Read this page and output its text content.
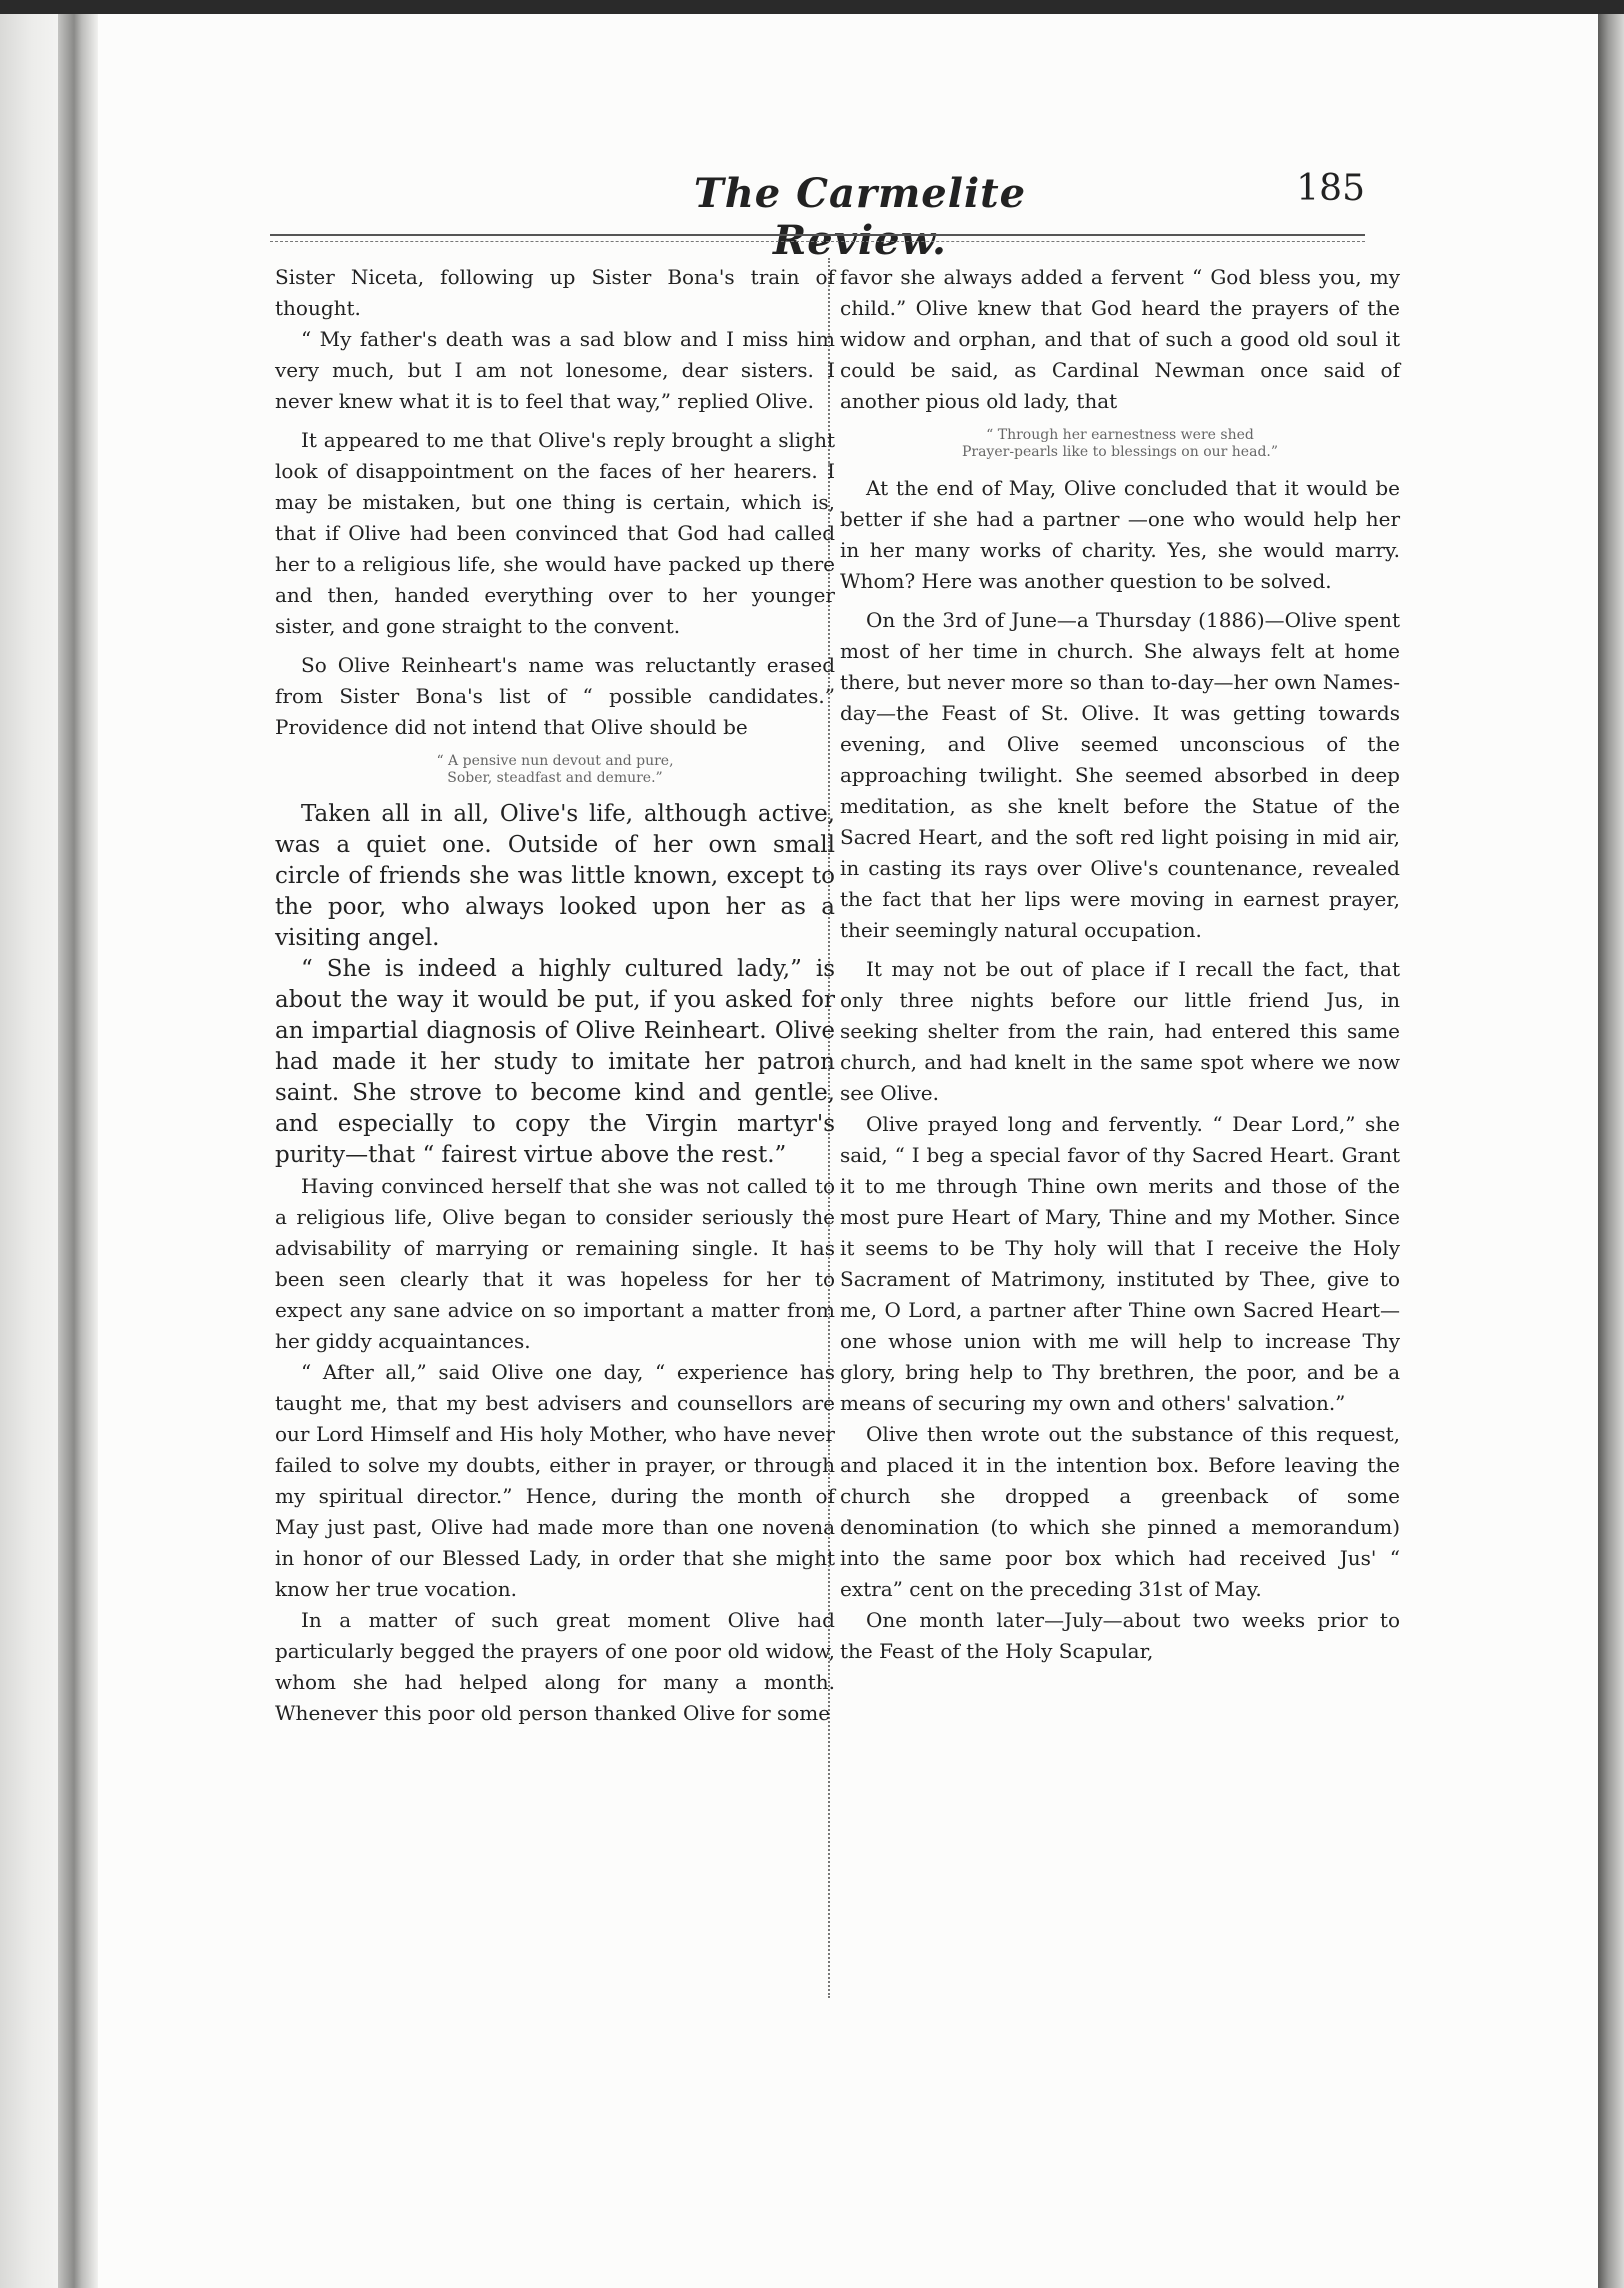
The Carmelite Review.
185

Sister Niceta, following up Sister Bona's train of thought.

“ My father's death was a sad blow and I miss him very much, but I am not lonesome, dear sisters. I never knew what it is to feel that way,” replied Olive.

It appeared to me that Olive's reply brought a slight look of disappointment on the faces of her hearers. I may be mistaken, but one thing is certain, which is, that if Olive had been convinced that God had called her to a religious life, she would have packed up there and then, handed everything over to her younger sister, and gone straight to the convent.

So Olive Reinheart's name was reluctantly erased from Sister Bona's list of “ possible candidates.” Providence did not intend that Olive should be

“ A pensive nun devout and pure,
Sober, steadfast and demure.”

Taken all in all, Olive's life, although active, was a quiet one. Outside of her own small circle of friends she was little known, except to the poor, who always looked upon her as a visiting angel.

“ She is indeed a highly cultured lady,” is about the way it would be put, if you asked for an impartial diagnosis of Olive Reinheart. Olive had made it her study to imitate her patron saint. She strove to become kind and gentle, and especially to copy the Virgin martyr's purity—that “ fairest virtue above the rest.”

Having convinced herself that she was not called to a religious life, Olive began to consider seriously the advisability of marrying or remaining single. It has been seen clearly that it was hopeless for her to expect any sane advice on so important a matter from her giddy acquaintances.

“ After all,” said Olive one day, “ experience has taught me, that my best advisers and counsellors are our Lord Himself and His holy Mother, who have never failed to solve my doubts, either in prayer, or through my spiritual director.” Hence, during the month of May just past, Olive had made more than one novena in honor of our Blessed Lady, in order that she might know her true vocation.

In a matter of such great moment Olive had particularly begged the prayers of one poor old widow, whom she had helped along for many a month. Whenever this poor old person thanked Olive for some

favor she always added a fervent “ God bless you, my child.” Olive knew that God heard the prayers of the widow and orphan, and that of such a good old soul it could be said, as Cardinal Newman once said of another pious old lady, that

“ Through her earnestness were shed
Prayer-pearls like to blessings on our head.”

At the end of May, Olive concluded that it would be better if she had a partner —one who would help her in her many works of charity. Yes, she would marry. Whom? Here was another question to be solved.

On the 3rd of June—a Thursday (1886)—Olive spent most of her time in church. She always felt at home there, but never more so than to-day—her own Names-day—the Feast of St. Olive. It was getting towards evening, and Olive seemed unconscious of the approaching twilight. She seemed absorbed in deep meditation, as she knelt before the Statue of the Sacred Heart, and the soft red light poising in mid air, in casting its rays over Olive's countenance, revealed the fact that her lips were moving in earnest prayer, their seemingly natural occupation.

It may not be out of place if I recall the fact, that only three nights before our little friend Jus, in seeking shelter from the rain, had entered this same church, and had knelt in the same spot where we now see Olive.

Olive prayed long and fervently. “ Dear Lord,” she said, “ I beg a special favor of thy Sacred Heart. Grant it to me through Thine own merits and those of the most pure Heart of Mary, Thine and my Mother. Since it seems to be Thy holy will that I receive the Holy Sacrament of Matrimony, instituted by Thee, give to me, O Lord, a partner after Thine own Sacred Heart—one whose union with me will help to increase Thy glory, bring help to Thy brethren, the poor, and be a means of securing my own and others' salvation.”

Olive then wrote out the substance of this request, and placed it in the intention box. Before leaving the church she dropped a greenback of some denomination (to which she pinned a memorandum) into the same poor box which had received Jus' “ extra” cent on the preceding 31st of May.

One month later—July—about two weeks prior to the Feast of the Holy Scapular,
